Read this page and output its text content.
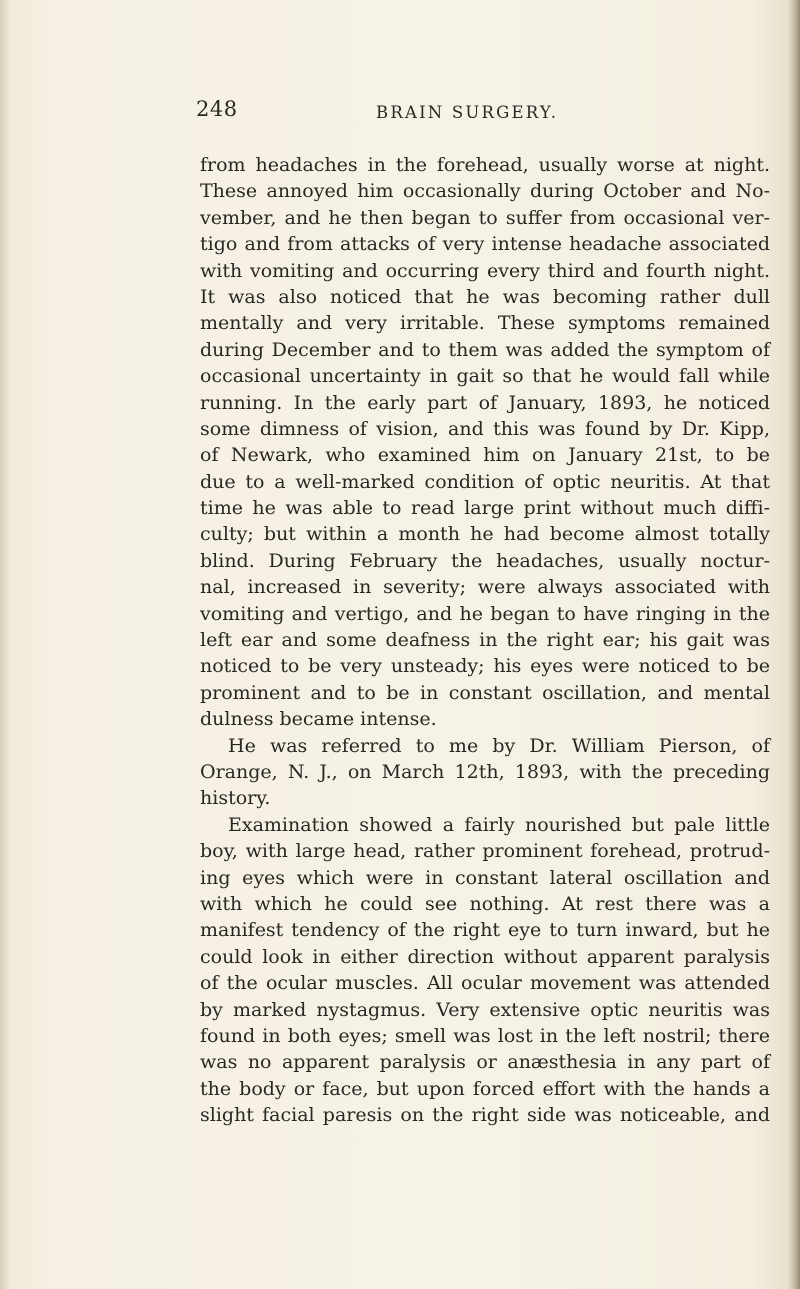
248	BRAIN SURGERY.
from headaches in the forehead, usually worse at night.
These annoyed him occasionally during October and No-
vember, and he then began to suffer from occasional ver-
tigo and from attacks of very intense headache associated
with vomiting and occurring every third and fourth night.
It was also noticed that he was becoming rather dull
mentally and very irritable. These symptoms remained
during December and to them was added the symptom of
occasional uncertainty in gait so that he would fall while
running. In the early part of January, 1893, he noticed
some dimness of vision, and this was found by Dr. Kipp,
of Newark, who examined him on January 21st, to be
due to a well-marked condition of optic neuritis. At that
time he was able to read large print without much diffi-
culty; but within a month he had become almost totally
blind. During February the headaches, usually noctur-
nal, increased in severity; were always associated with
vomiting and vertigo, and he began to have ringing in the
left ear and some deafness in the right ear; his gait was
noticed to be very unsteady; his eyes were noticed to be
prominent and to be in constant oscillation, and mental
dulness became intense.
He was referred to me by Dr. William Pierson, of
Orange, N. J., on March 12th, 1893, with the preceding
history.
Examination showed a fairly nourished but pale little
boy, with large head, rather prominent forehead, protrud-
ing eyes which were in constant lateral oscillation and
with which he could see nothing. At rest there was a
manifest tendency of the right eye to turn inward, but he
could look in either direction without apparent paralysis
of the ocular muscles. All ocular movement was attended
by marked nystagmus. Very extensive optic neuritis was
found in both eyes; smell was lost in the left nostril; there
was no apparent paralysis or anæsthesia in any part of
the body or face, but upon forced effort with the hands a
slight facial paresis on the right side was noticeable, and
